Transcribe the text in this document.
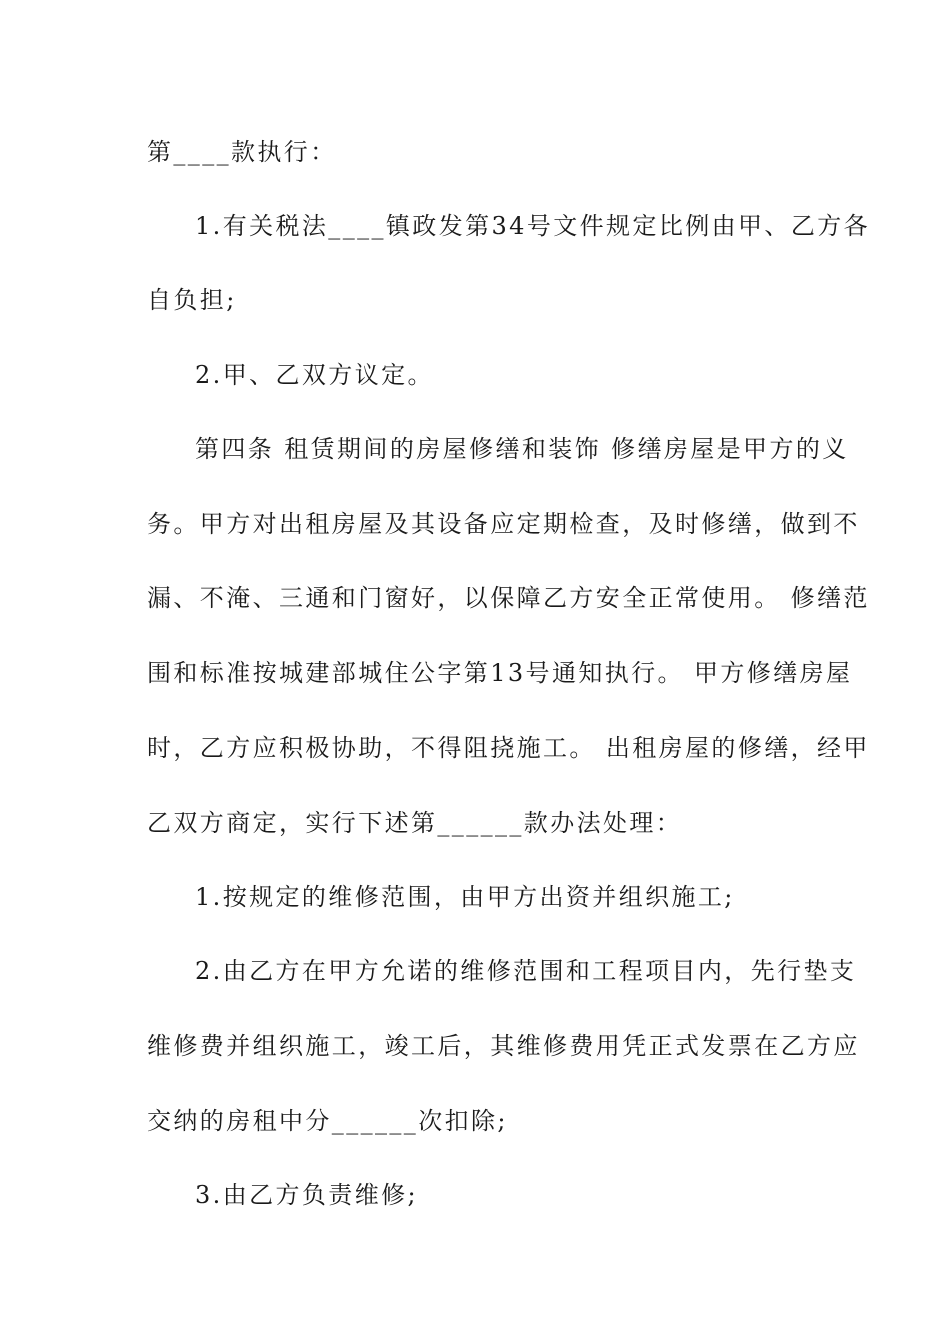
第____款执行：
1.有关税法____镇政发第34号文件规定比例由甲、乙方各
自负担;
2.甲、乙双方议定。
第四条 租赁期间的房屋修缮和装饰 修缮房屋是甲方的义
务。甲方对出租房屋及其设备应定期检查，及时修缮，做到不
漏、不淹、三通和门窗好，以保障乙方安全正常使用。 修缮范
围和标准按城建部城住公字第13号通知执行。 甲方修缮房屋
时，乙方应积极协助，不得阻挠施工。 出租房屋的修缮，经甲
乙双方商定，实行下述第______款办法处理：
1.按规定的维修范围，由甲方出资并组织施工;
2.由乙方在甲方允诺的维修范围和工程项目内，先行垫支
维修费并组织施工，竣工后，其维修费用凭正式发票在乙方应
交纳的房租中分______次扣除;
3.由乙方负责维修;
